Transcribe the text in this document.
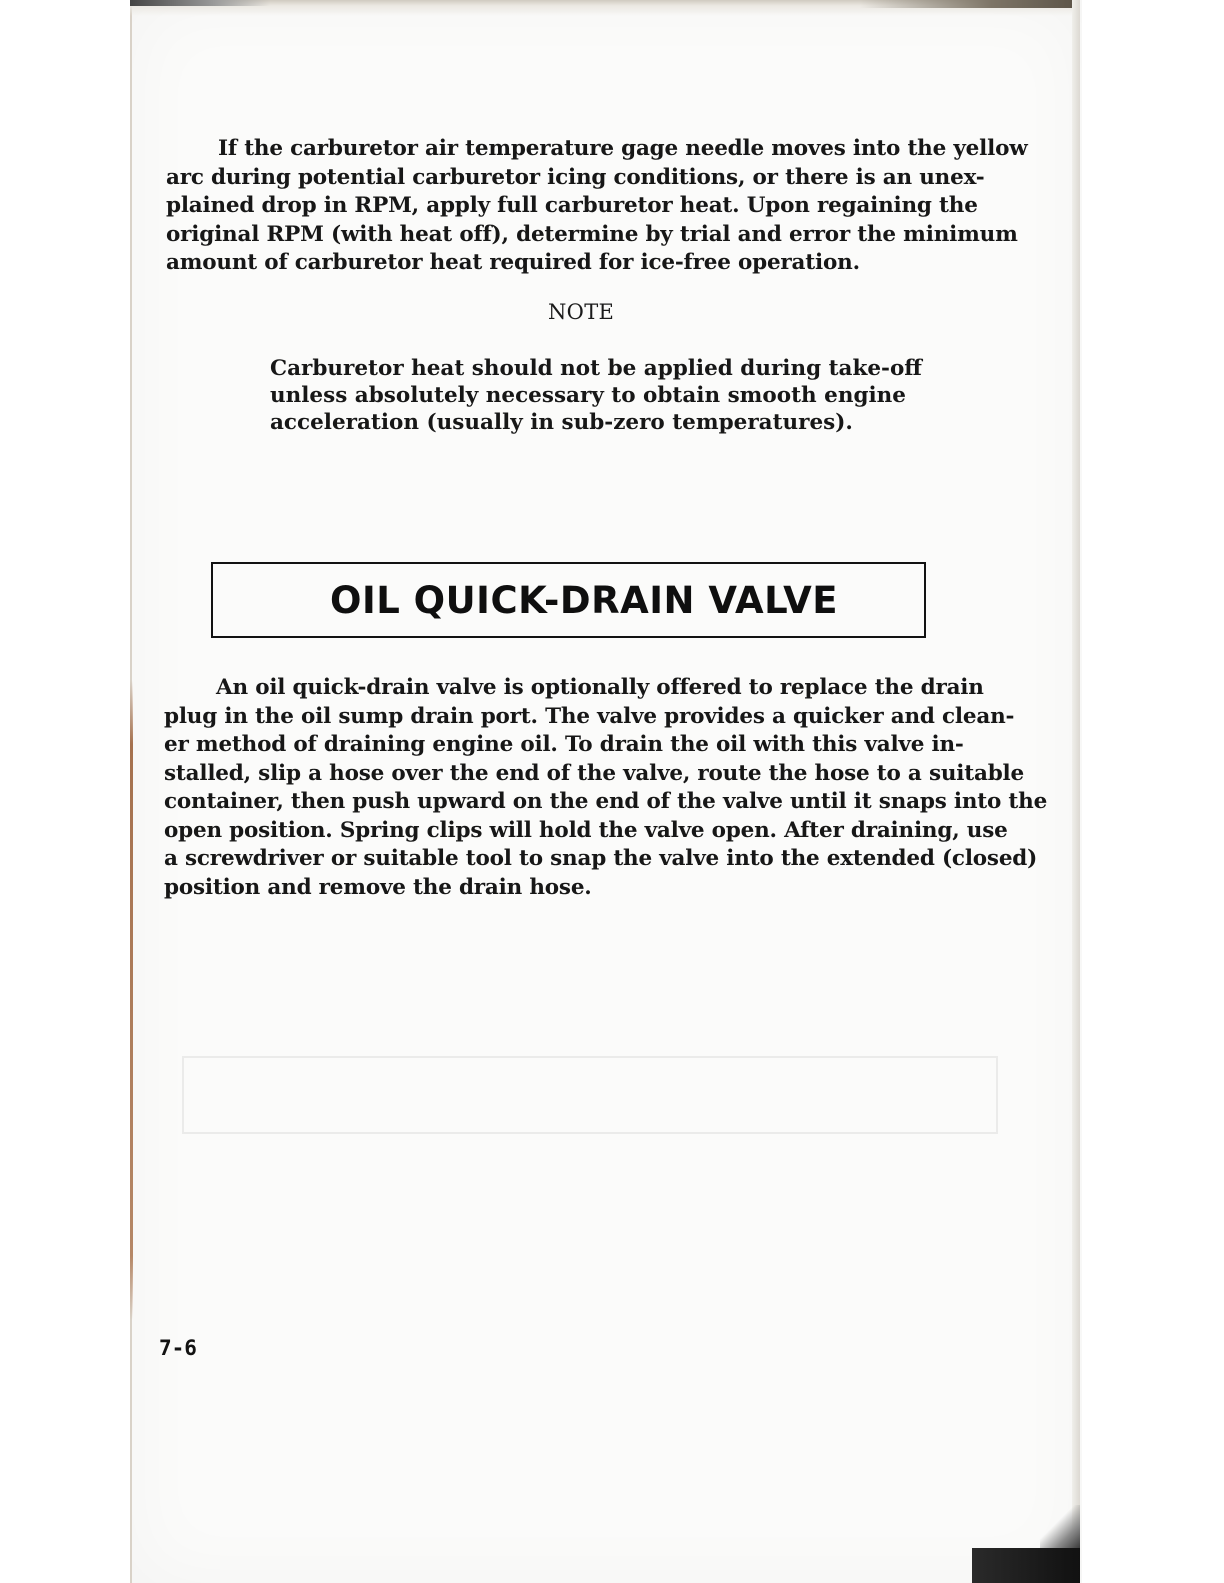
If the carburetor air temperature gage needle moves into the yellow
arc during potential carburetor icing conditions, or there is an unex-
plained drop in RPM, apply full carburetor heat. Upon regaining the
original RPM (with heat off), determine by trial and error the minimum
amount of carburetor heat required for ice-free operation.

NOTE

Carburetor heat should not be applied during take-off
unless absolutely necessary to obtain smooth engine
acceleration (usually in sub-zero temperatures).

OIL QUICK-DRAIN VALVE

An oil quick-drain valve is optionally offered to replace the drain
plug in the oil sump drain port. The valve provides a quicker and clean-
er method of draining engine oil. To drain the oil with this valve in-
stalled, slip a hose over the end of the valve, route the hose to a suitable
container, then push upward on the end of the valve until it snaps into the
open position. Spring clips will hold the valve open. After draining, use
a screwdriver or suitable tool to snap the valve into the extended (closed)
position and remove the drain hose.

7-6
